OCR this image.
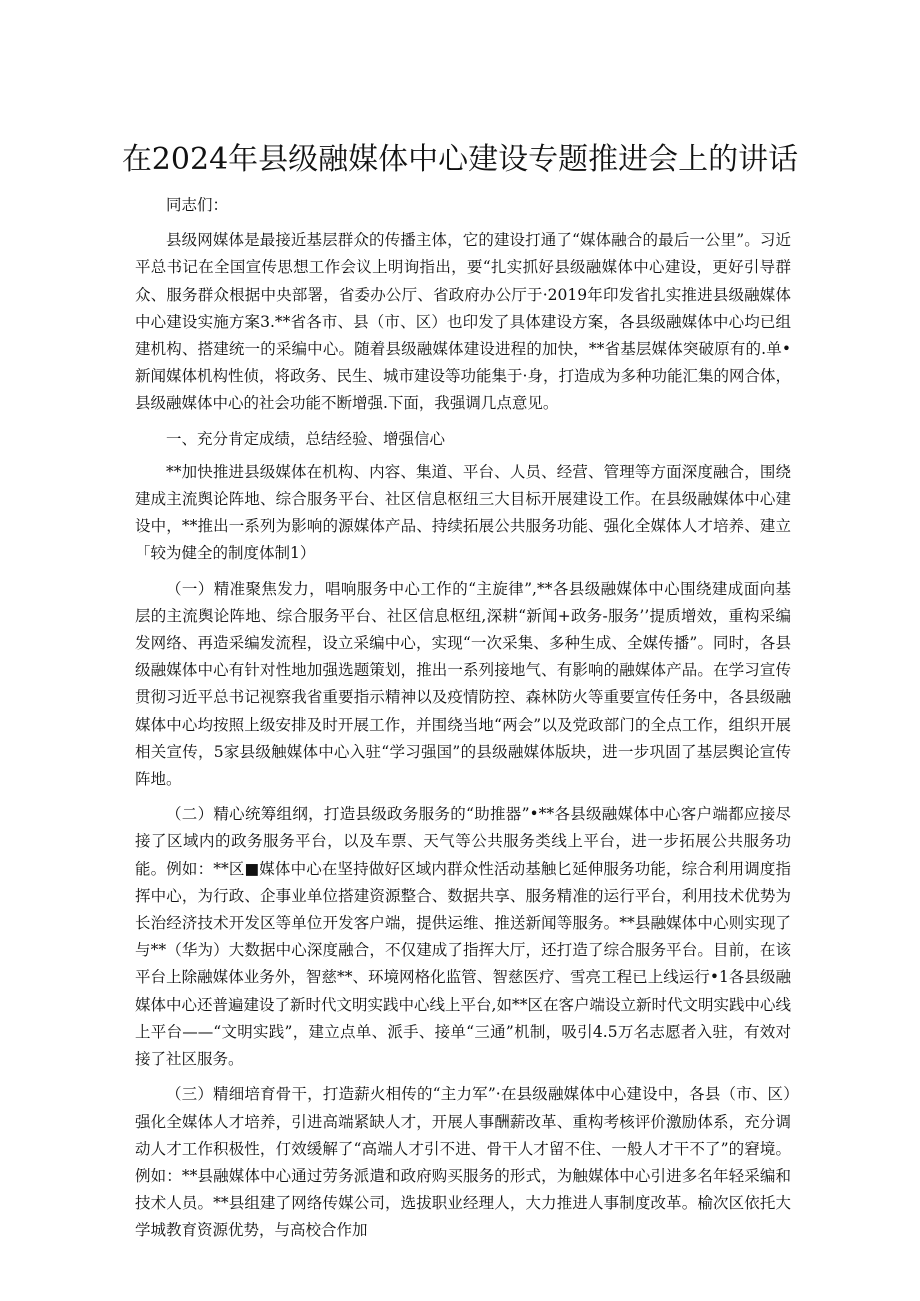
在2024年县级融媒体中心建设专题推进会上的讲话

同志们：

县级网媒体是最接近基层群众的传播主体，它的建设打通了“媒体融合的最后一公里”。习近平总书记在全国宣传思想工作会议上明询指出，要“扎实抓好县级融媒体中心建设，更好引导群众、服务群众根据中央部署，省委办公厅、省政府办公厅于·2019年印发省扎实推进县级融媒体中心建设实施方案3.**省各市、县（市、区）也印发了具体建设方案，各县级融媒体中心均已组建机构、搭建统一的采编中心。随着县级融媒体建设进程的加快，**省基层媒体突破原有的.单•新闻媒体机构性侦，将政务、民生、城市建设等功能集于·身，打造成为多种功能汇集的网合体，县级融媒体中心的社会功能不断增强.下面，我强调几点意见。

一、充分肯定成绩，总结经验、增强信心

**加快推进县级媒体在机构、内容、集道、平台、人员、经营、管理等方面深度融合，围绕建成主流舆论阵地、综合服务平台、社区信息枢纽三大目标开展建设工作。在县级融媒体中心建设中，**推出一系列为影响的源媒体产品、持续拓展公共服务功能、强化全媒体人才培养、建立「较为健全的制度体制1）

（一）精准聚焦发力，唱响服务中心工作的“主旋律”,**各县级融媒体中心围绕建成面向基层的主流舆论阵地、综合服务平台、社区信息枢纽,深耕“新闻+政务-服务’’提质增效，重构采编发网络、再造采编发流程，设立采编中心，实现“一次采集、多种生成、全媒传播”。同时，各县级融媒体中心有针对性地加强选题策划，推出一系列接地气、有影响的融媒体产品。在学习宣传贯彻习近平总书记视察我省重要指示精神以及疫情防控、森林防火等重要宣传任务中，各县级融媒体中心均按照上级安排及时开展工作，并围绕当地“两会”以及党政部门的全点工作，组织开展相关宣传，5家县级触媒体中心入驻“学习强国”的县级融媒体版块，进一步巩固了基层舆论宣传阵地。

（二）精心统筹组纲，打造县级政务服务的“助推器”•**各县级融媒体中心客户端都应接尽接了区域内的政务服务平台，以及车票、天气等公共服务类线上平台，进一步拓展公共服务功能。例如：**区■媒体中心在坚持做好区域内群众性活动基触匕延伸服务功能，综合利用调度指挥中心，为行政、企事业单位搭建资源整合、数据共享、服务精准的运行平台，利用技术优势为长治经济技术开发区等单位开发客户端，提供运维、推送新闻等服务。**县融媒体中心则实现了与**（华为）大数据中心深度融合，不仅建成了指挥大厅，还打造了综合服务平台。目前，在该平台上除融媒体业务外，智慈**、环境网格化监管、智慈医疗、雪亮工程已上线运行•1各县级融媒体中心还普遍建设了新时代文明实践中心线上平台,如**区在客户端设立新时代文明实践中心线上平台——“文明实践”，建立点单、派手、接单“三通”机制，吸引4.5万名志愿者入驻，有效对接了社区服务。

（三）精细培育骨干，打造薪火相传的“主力军”·在县级融媒体中心建设中，各县（市、区）强化全媒体人才培养，引进高端紧缺人才，开展人事酬薪改革、重构考核评价激励体系，充分调动人才工作积极性，仃效缓解了“高端人才引不进、骨干人才留不住、一般人才干不了”的窘境。例如：**县融媒体中心通过劳务派遣和政府购买服务的形式，为触媒体中心引进多名年轻采编和技术人员。**县组建了网络传媒公司，选拔职业经理人，大力推进人事制度改革。榆次区依托大学城教育资源优势，与高校合作加
